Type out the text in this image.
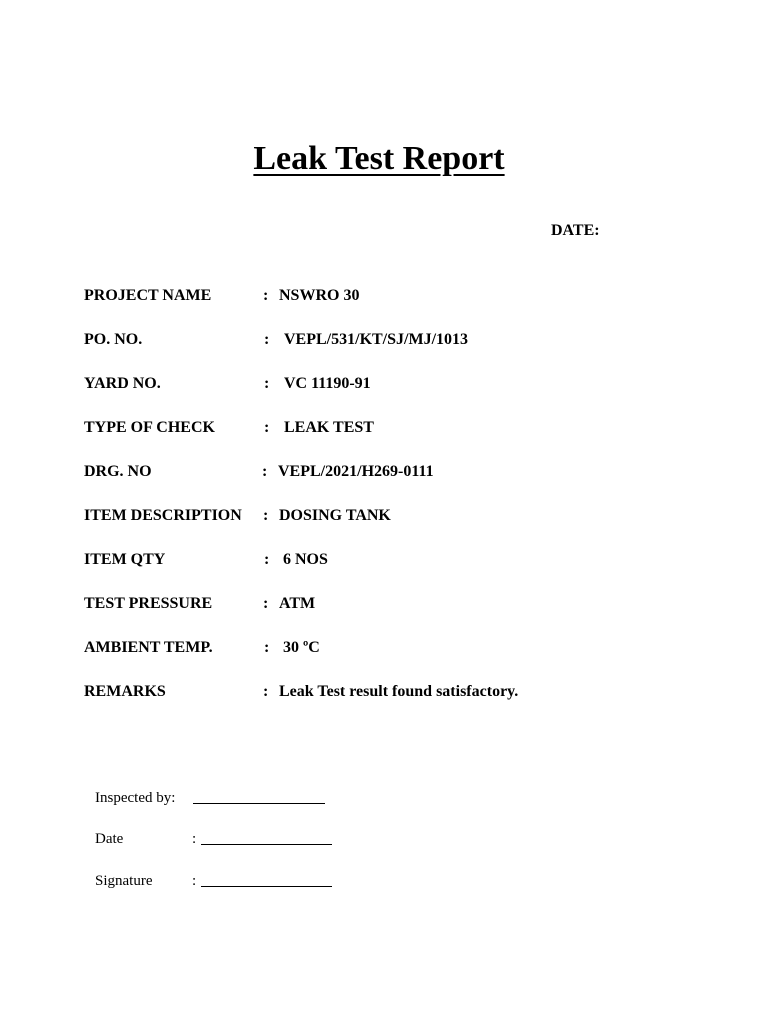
Leak Test Report
DATE:
PROJECT NAME	: NSWRO 30
PO. NO.	: VEPL/531/KT/SJ/MJ/1013
YARD NO.	: VC 11190-91
TYPE OF CHECK	: LEAK TEST
DRG. NO	: VEPL/2021/H269-0111
ITEM DESCRIPTION : DOSING TANK
ITEM QTY	: 6 NOS
TEST PRESSURE	: ATM
AMBIENT TEMP.	: 30 ºC
REMARKS	: Leak Test result found satisfactory.
Inspected by:
Date	:
Signature	:
